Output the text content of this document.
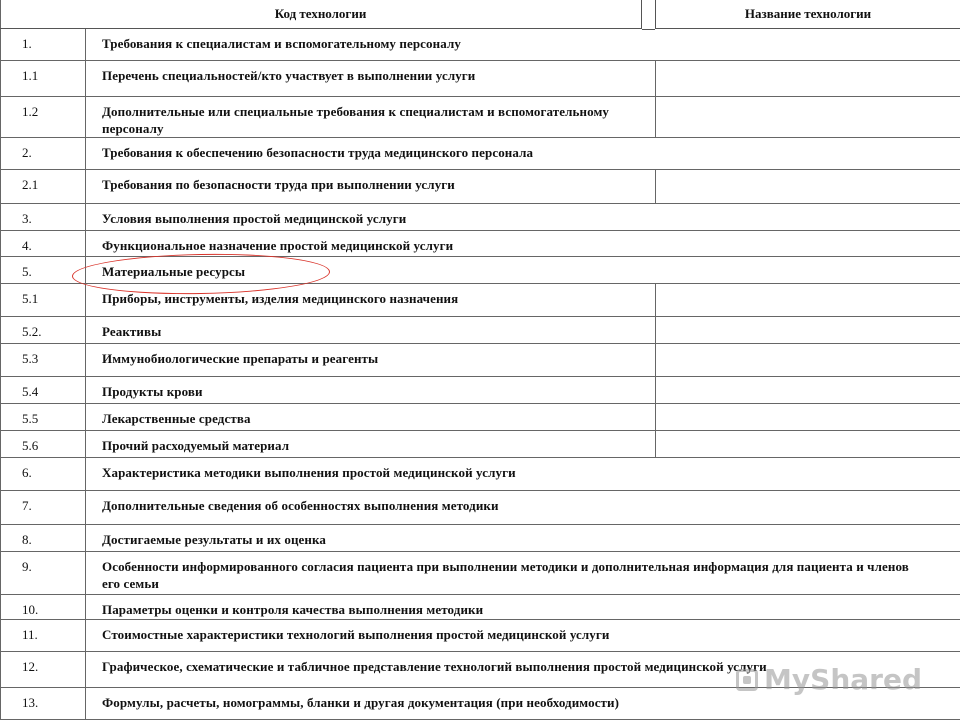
Код технологии	Название технологии
1.	Требования к специалистам и вспомогательному персоналу
1.1	Перечень специальностей/кто участвует в выполнении услуги
1.2	Дополнительные или специальные требования к специалистам и вспомогательному персоналу
2.	Требования к обеспечению безопасности труда медицинского персонала
2.1	Требования по безопасности труда при выполнении услуги
3.	Условия выполнения простой медицинской услуги
4.	Функциональное назначение простой медицинской услуги
5.	Материальные ресурсы
5.1	Приборы, инструменты, изделия медицинского назначения
5.2.	Реактивы
5.3	Иммунобиологические препараты и реагенты
5.4	Продукты крови
5.5	Лекарственные средства
5.6	Прочий расходуемый материал
6.	Характеристика методики выполнения простой медицинской услуги
7.	Дополнительные сведения об особенностях выполнения методики
8.	Достигаемые результаты и их оценка
9.	Особенности информированного согласия пациента при выполнении методики и дополнительная информация для пациента и членов его семьи
10.	Параметры оценки и контроля качества выполнения методики
11.	Стоимостные характеристики технологий выполнения простой медицинской услуги
12.	Графическое, схематические и табличное представление технологий выполнения простой медицинской услуги
13.	Формулы, расчеты, номограммы, бланки и другая документация (при необходимости)
MyShared
